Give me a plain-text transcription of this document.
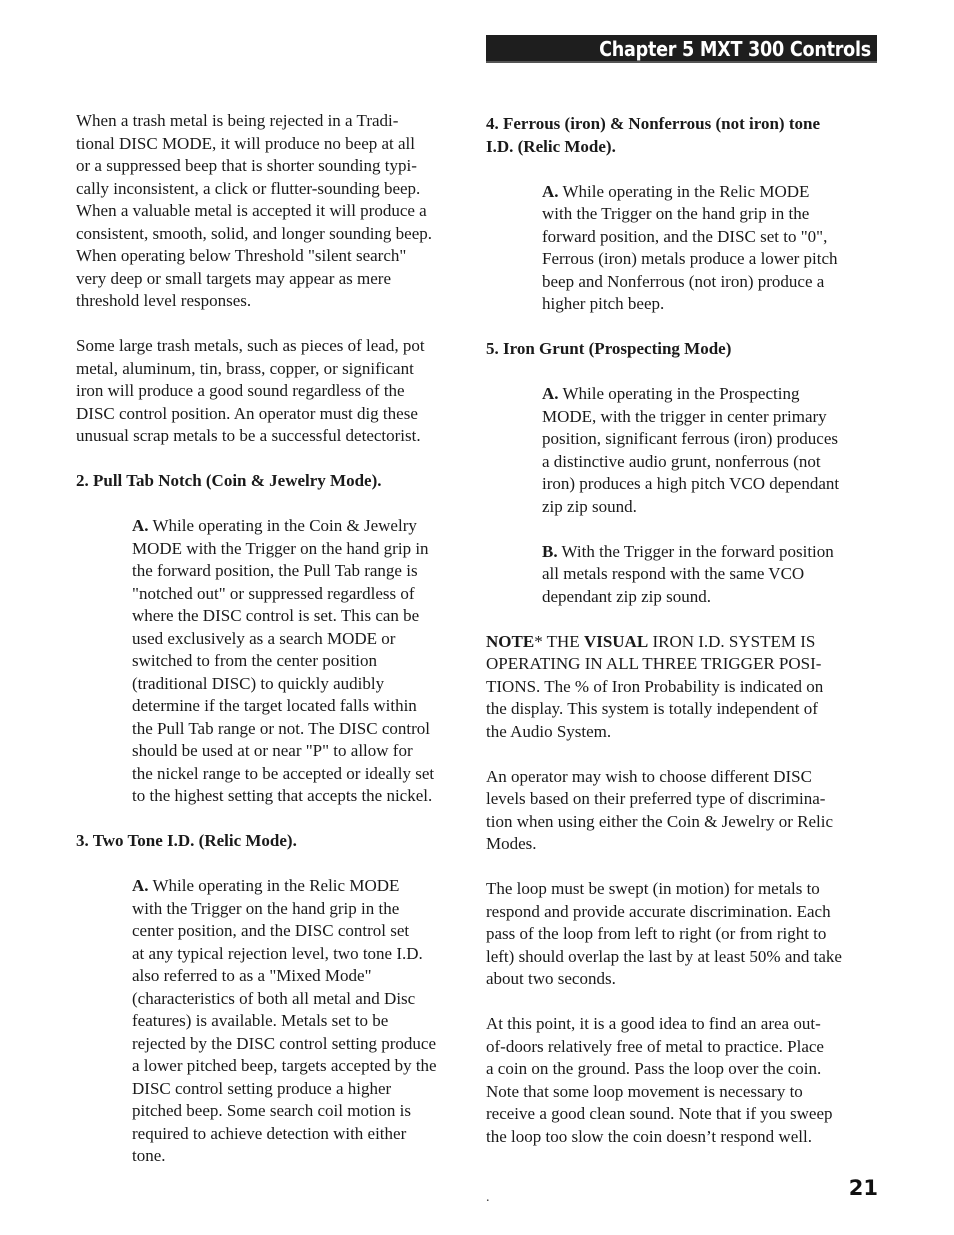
Chapter 5 MXT 300 Controls

When a trash metal is being rejected in a Tradi-
tional DISC MODE, it will produce no beep at all
or a suppressed beep that is shorter sounding typi-
cally inconsistent, a click or flutter-sounding beep.
When a valuable metal is accepted it will produce a
consistent, smooth, solid, and longer sounding beep.
When operating below Threshold "silent search"
very deep or small targets may appear as mere
threshold level responses.

Some large trash metals, such as pieces of lead, pot
metal, aluminum, tin, brass, copper, or significant
iron will produce a good sound regardless of the
DISC control position. An operator must dig these
unusual scrap metals to be a successful detectorist.

2. Pull Tab Notch (Coin & Jewelry Mode).

A. While operating in the Coin & Jewelry
MODE with the Trigger on the hand grip in
the forward position, the Pull Tab range is
"notched out" or suppressed regardless of
where the DISC control is set. This can be
used exclusively as a search MODE or
switched to from the center position
(traditional DISC) to quickly audibly
determine if the target located falls within
the Pull Tab range or not. The DISC control
should be used at or near "P" to allow for
the nickel range to be accepted or ideally set
to the highest setting that accepts the nickel.

3. Two Tone I.D. (Relic Mode).

A. While operating in the Relic MODE
with the Trigger on the hand grip in the
center position, and the DISC control set
at any typical rejection level, two tone I.D.
also referred to as a "Mixed Mode"
(characteristics of both all metal and Disc
features) is available. Metals set to be
rejected by the DISC control setting produce
a lower pitched beep, targets accepted by the
DISC control setting produce a higher
pitched beep. Some search coil motion is
required to achieve detection with either
tone.

4. Ferrous (iron) & Nonferrous (not iron) tone
I.D. (Relic Mode).

A. While operating in the Relic MODE
with the Trigger on the hand grip in the
forward position, and the DISC set to "0",
Ferrous (iron) metals produce a lower pitch
beep and Nonferrous (not iron) produce a
higher pitch beep.

5. Iron Grunt (Prospecting Mode)

A. While operating in the Prospecting
MODE, with the trigger in center primary
position, significant ferrous (iron) produces
a distinctive audio grunt, nonferrous (not
iron) produces a high pitch VCO dependant
zip zip sound.

B. With the Trigger in the forward position
all metals respond with the same VCO
dependant zip zip sound.

NOTE* THE VISUAL IRON I.D. SYSTEM IS
OPERATING IN ALL THREE TRIGGER POSI-
TIONS. The % of Iron Probability is indicated on
the display. This system is totally independent of
the Audio System.

An operator may wish to choose different DISC
levels based on their preferred type of discrimina-
tion when using either the Coin & Jewelry or Relic
Modes.

The loop must be swept (in motion) for metals to
respond and provide accurate discrimination. Each
pass of the loop from left to right (or from right to
left) should overlap the last by at least 50% and take
about two seconds.

At this point, it is a good idea to find an area out-
of-doors relatively free of metal to practice. Place
a coin on the ground. Pass the loop over the coin.
Note that some loop movement is necessary to
receive a good clean sound. Note that if you sweep
the loop too slow the coin doesn’t respond well.

.	21
